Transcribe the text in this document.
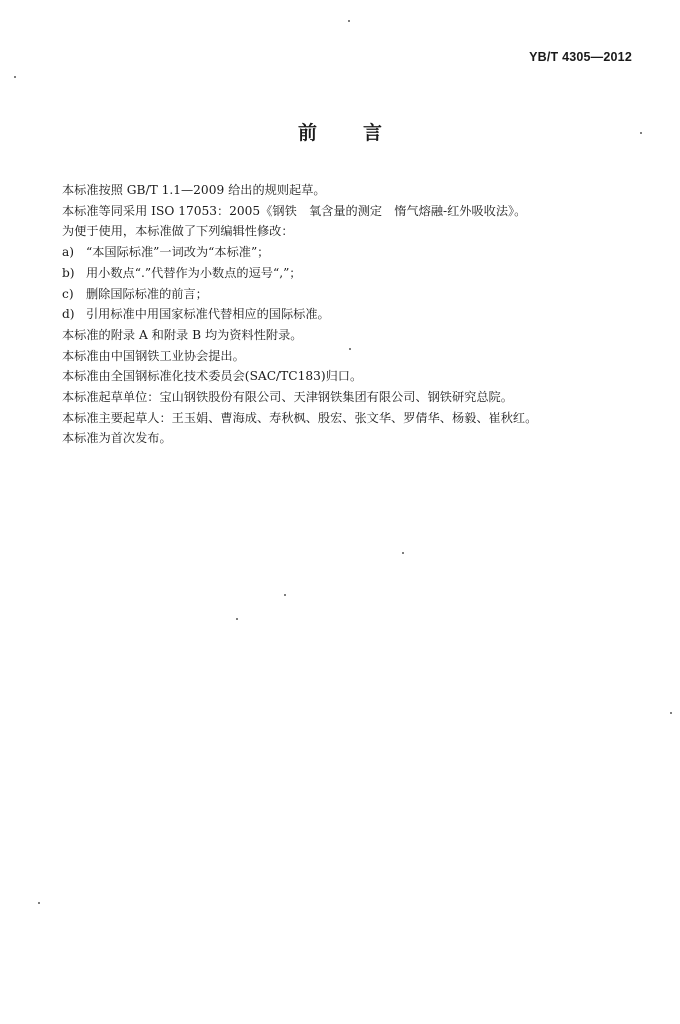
YB/T 4305—2012
前 言
本标准按照 GB/T 1.1—2009 给出的规则起草。
本标准等同采用 ISO 17053：2005《钢铁　氧含量的测定　惰气熔融-红外吸收法》。
为便于使用，本标准做了下列编辑性修改：
a) “本国际标准”一词改为“本标准”；
b) 用小数点“.”代替作为小数点的逗号“,”；
c) 删除国际标准的前言；
d) 引用标准中用国家标准代替相应的国际标准。
本标准的附录 A 和附录 B 均为资料性附录。
本标准由中国钢铁工业协会提出。
本标准由全国钢标准化技术委员会(SAC/TC183)归口。
本标准起草单位：宝山钢铁股份有限公司、天津钢铁集团有限公司、钢铁研究总院。
本标准主要起草人：王玉娟、曹海成、寿秋枫、殷宏、张文华、罗倩华、杨毅、崔秋红。
本标准为首次发布。
